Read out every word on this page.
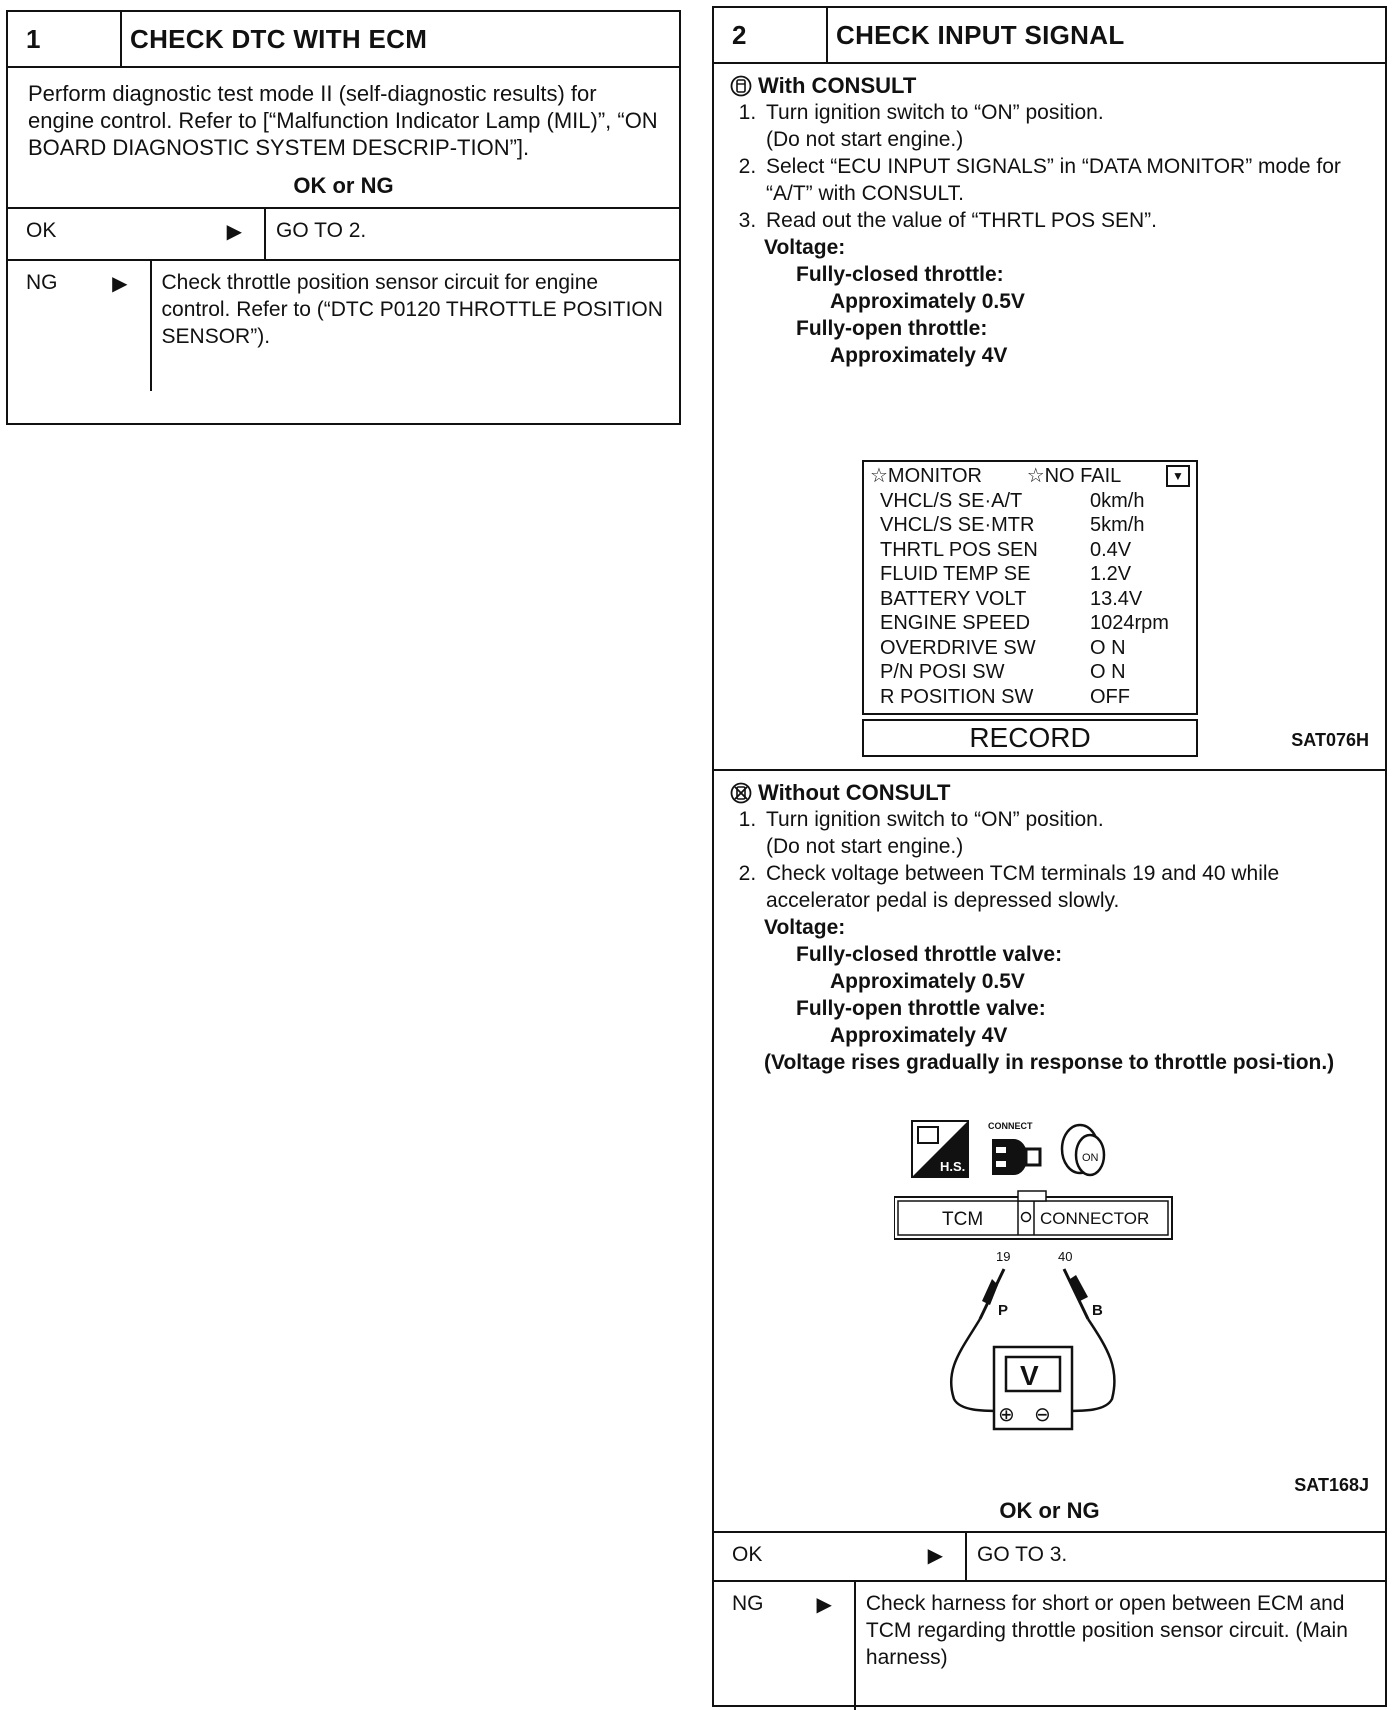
1	CHECK DTC WITH ECM
Perform diagnostic test mode II (self-diagnostic results) for engine control. Refer to [“Malfunction Indicator Lamp (MIL)”, “ON BOARD DIAGNOSTIC SYSTEM DESCRIP-TION”].
OK or NG
OK	▶	GO TO 2.
NG	▶	Check throttle position sensor circuit for engine control. Refer to (“DTC P0120 THROTTLE POSITION SENSOR”).
2	CHECK INPUT SIGNAL
With CONSULT
1. Turn ignition switch to “ON” position.
(Do not start engine.)
2. Select “ECU INPUT SIGNALS” in “DATA MONITOR” mode for “A/T” with CONSULT.
3. Read out the value of “THRTL POS SEN”.
Voltage:
Fully-closed throttle:
Approximately 0.5V
Fully-open throttle:
Approximately 4V
☆MONITOR ☆NO FAIL	▼
VHCL/S SE·A/T	0km/h
VHCL/S SE·MTR	5km/h
THRTL POS SEN	0.4V
FLUID TEMP SE	1.2V
BATTERY VOLT	13.4V
ENGINE SPEED	1024rpm
OVERDRIVE SW	O N
P/N POSI SW	O N
R POSITION SW	OFF
RECORD	SAT076H
Without CONSULT
1. Turn ignition switch to “ON” position.
(Do not start engine.)
2. Check voltage between TCM terminals 19 and 40 while accelerator pedal is depressed slowly.
Voltage:
Fully-closed throttle valve:
Approximately 0.5V
Fully-open throttle valve:
Approximately 4V
(Voltage rises gradually in response to throttle posi-tion.)
H.S.
CONNECT
ON
TCM	CONNECTOR
19	40
P	B
V
⊕ ⊖
SAT168J
OK or NG
OK	▶	GO TO 3.
NG	▶	Check harness for short or open between ECM and TCM regarding throttle position sensor circuit. (Main harness)
